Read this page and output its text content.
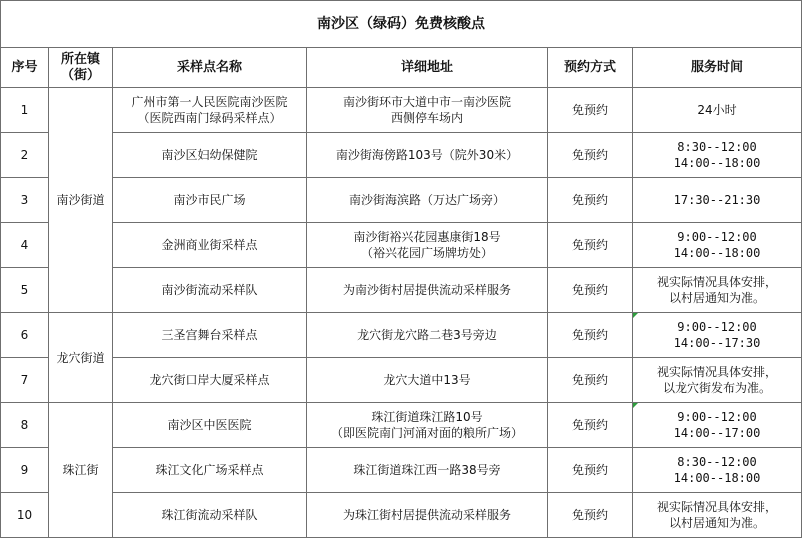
南沙区（绿码）免费核酸点					
序号	所在镇
（街）	采样点名称	详细地址	预约方式	服务时间
1	南沙街道	广州市第一人民医院南沙医院
（医院西南门绿码采样点）	南沙街环市大道中市一南沙医院
西侧停车场内	免预约	24小时
2		南沙区妇幼保健院	南沙街海傍路103号（院外30米）	免预约	8:30--12:00
14:00--18:00
3		南沙市民广场	南沙街海滨路（万达广场旁）	免预约	17:30--21:30
4		金洲商业街采样点	南沙街裕兴花园惠康街18号
（裕兴花园广场牌坊处）	免预约	9:00--12:00
14:00--18:00
5		南沙街流动采样队	为南沙街村居提供流动采样服务	免预约	视实际情况具体安排，
以村居通知为准。
6	龙穴街道	三圣宫舞台采样点	龙穴街龙穴路二巷3号旁边	免预约	9:00--12:00
14:00--17:30
7		龙穴街口岸大厦采样点	龙穴大道中13号	免预约	视实际情况具体安排，
以龙穴街发布为准。
8	珠江街	南沙区中医医院	珠江街道珠江路10号
（即医院南门河涌对面的粮所广场）	免预约	9:00--12:00
14:00--17:00
9		珠江文化广场采样点	珠江街道珠江西一路38号旁	免预约	8:30--12:00
14:00--18:00
10		珠江街流动采样队	为珠江街村居提供流动采样服务	免预约	视实际情况具体安排，
以村居通知为准。
